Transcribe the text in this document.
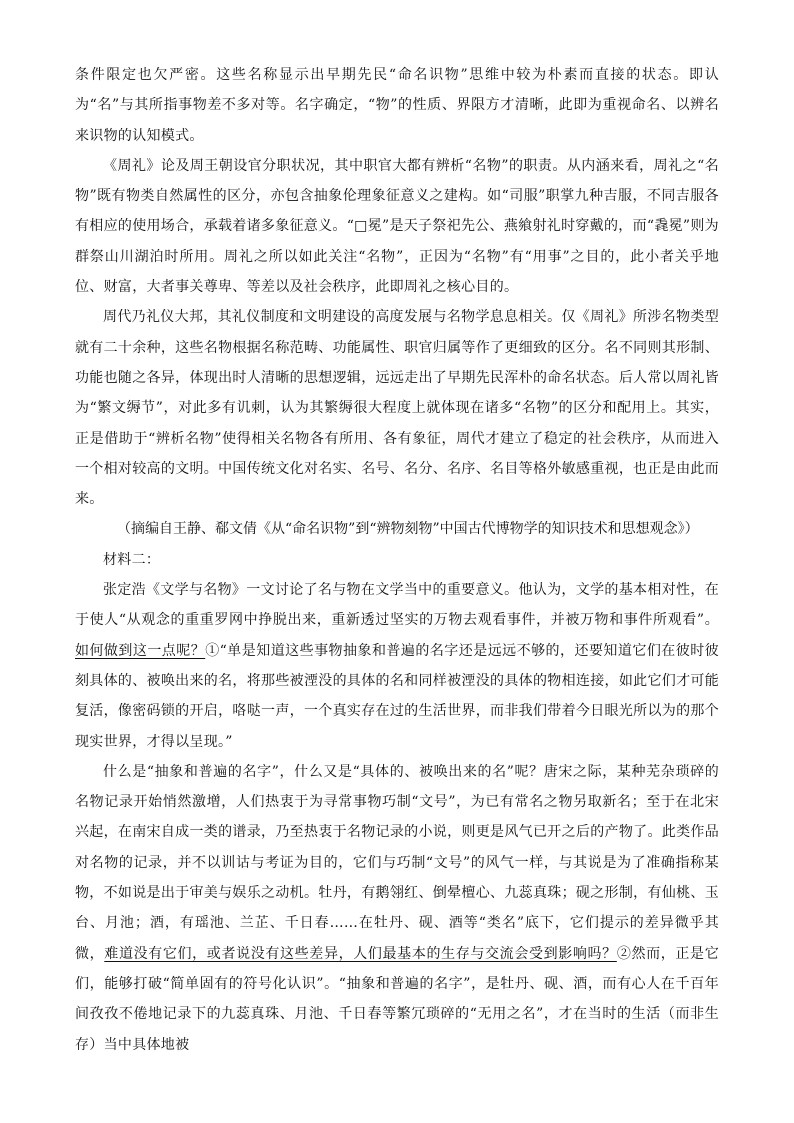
条件限定也欠严密。这些名称显示出早期先民“命名识物”思维中较为朴素而直接的状态。即认为“名”与其所指事物差不多对等。名字确定，“物”的性质、界限方才清晰，此即为重视命名、以辨名来识物的认知模式。

《周礼》论及周王朝设官分职状况，其中职官大都有辨析“名物”的职责。从内涵来看，周礼之“名物”既有物类自然属性的区分，亦包含抽象伦理象征意义之建构。如“司服”职掌九种吉服，不同吉服各有相应的使用场合，承载着诸多象征意义。“□冕”是天子祭祀先公、燕飨射礼时穿戴的，而“毳冕”则为群祭山川湖泊时所用。周礼之所以如此关注“名物”，正因为“名物”有“用事”之目的，此小者关乎地位、财富，大者事关尊卑、等差以及社会秩序，此即周礼之核心目的。

周代乃礼仪大邦，其礼仪制度和文明建设的高度发展与名物学息息相关。仅《周礼》所涉名物类型就有二十余种，这些名物根据名称范畴、功能属性、职官归属等作了更细致的区分。名不同则其形制、功能也随之各异，体现出时人清晰的思想逻辑，远远走出了早期先民浑朴的命名状态。后人常以周礼皆为“繁文缛节”，对此多有讥刺，认为其繁缛很大程度上就体现在诸多“名物”的区分和配用上。其实，正是借助于“辨析名物”使得相关名物各有所用、各有象征，周代才建立了稳定的社会秩序，从而进入一个相对较高的文明。中国传统文化对名实、名号、名分、名序、名目等格外敏感重视，也正是由此而来。

（摘编自王静、郗文倩《从“命名识物”到“辨物刻物”中国古代博物学的知识技术和思想观念》）

材料二：

张定浩《文学与名物》一文讨论了名与物在文学当中的重要意义。他认为，文学的基本相对性，在于使人“从观念的重重罗网中挣脱出来，重新透过坚实的万物去观看事件，并被万物和事件所观看”。如何做到这一点呢？①“单是知道这些事物抽象和普遍的名字还是远远不够的，还要知道它们在彼时彼刻具体的、被唤出来的名，将那些被湮没的具体的名和同样被湮没的具体的物相连接，如此它们才可能复活，像密码锁的开启，咯哒一声，一个真实存在过的生活世界，而非我们带着今日眼光所以为的那个现实世界，才得以呈现。”

什么是“抽象和普遍的名字”，什么又是“具体的、被唤出来的名”呢？唐宋之际，某种芜杂琐碎的名物记录开始悄然激增，人们热衷于为寻常事物巧制“文号”，为已有常名之物另取新名；至于在北宋兴起，在南宋自成一类的谱录，乃至热衷于名物记录的小说，则更是风气已开之后的产物了。此类作品对名物的记录，并不以训诂与考证为目的，它们与巧制“文号”的风气一样，与其说是为了准确指称某物，不如说是出于审美与娱乐之动机。牡丹，有鹅翎红、倒晕檀心、九蕊真珠；砚之形制，有仙桃、玉台、月池；酒，有瑶池、兰芷、千日春……在牡丹、砚、酒等“类名”底下，它们提示的差异微乎其微，难道没有它们，或者说没有这些差异，人们最基本的生存与交流会受到影响吗？②然而，正是它们，能够打破“简单固有的符号化认识”。“抽象和普遍的名字”，是牡丹、砚、酒，而有心人在千百年间孜孜不倦地记录下的九蕊真珠、月池、千日春等繁冗琐碎的“无用之名”，才在当时的生活（而非生存）当中具体地被
